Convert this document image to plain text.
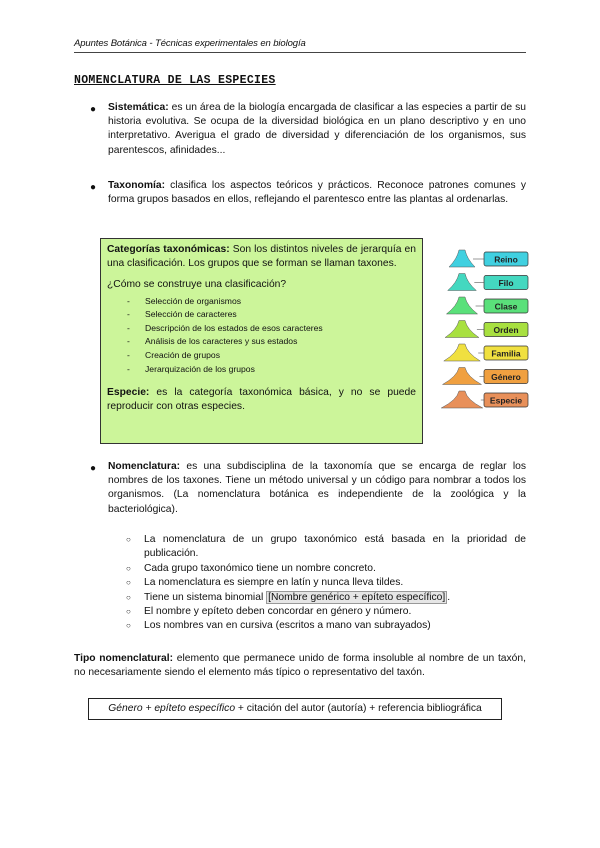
Apuntes Botánica - Técnicas experimentales en biología
NOMENCLATURA DE LAS ESPECIES
● Sistemática: es un área de la biología encargada de clasificar a las especies a partir de su historia evolutiva. Se ocupa de la diversidad biológica en un plano descriptivo y en uno interpretativo. Averigua el grado de diversidad y diferenciación de los organismos, sus parentescos, afinidades...
● Taxonomía: clasifica los aspectos teóricos y prácticos. Reconoce patrones comunes y forma grupos basados en ellos, reflejando el parentesco entre las plantas al ordenarlas.
Categorías taxonómicas: Son los distintos niveles de jerarquía en una clasificación. Los grupos que se forman se llaman taxones.
¿Cómo se construye una clasificación?
- Selección de organismos
- Selección de caracteres
- Descripción de los estados de esos caracteres
- Análisis de los caracteres y sus estados
- Creación de grupos
- Jerarquización de los grupos
Especie: es la categoría taxonómica básica, y no se puede reproducir con otras especies.
Reino
Filo
Clase
Orden
Familia
Género
Especie
● Nomenclatura: es una subdisciplina de la taxonomía que se encarga de reglar los nombres de los taxones. Tiene un método universal y un código para nombrar a todos los organismos. (La nomenclatura botánica es independiente de la zoológica y la bacteriológica).
○ La nomenclatura de un grupo taxonómico está basada en la prioridad de publicación.
○ Cada grupo taxonómico tiene un nombre concreto.
○ La nomenclatura es siempre en latín y nunca lleva tildes.
○ Tiene un sistema binomial [Nombre genérico + epíteto específico] .
○ El nombre y epíteto deben concordar en género y número.
○ Los nombres van en cursiva (escritos a mano van subrayados)
Tipo nomenclatural: elemento que permanece unido de forma insoluble al nombre de un taxón, no necesariamente siendo el elemento más típico o representativo del taxón.
Género + epíteto específico + citación del autor (autoría) + referencia bibliográfica
